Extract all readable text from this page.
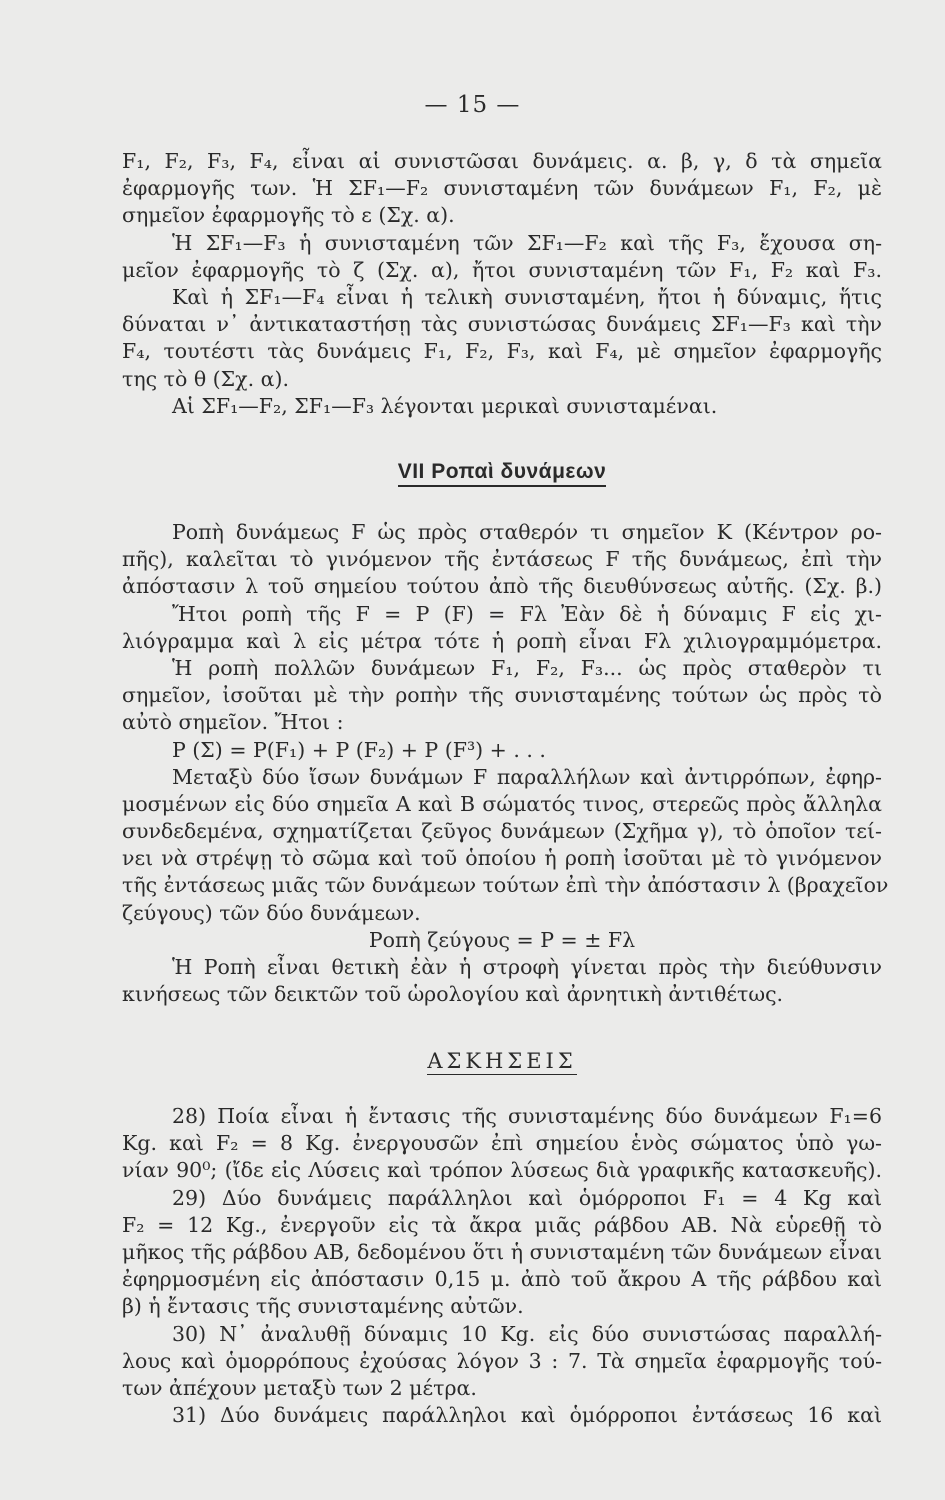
— 15 —
F₁, F₂, F₃, F₄, εἶναι αἱ συνιστῶσαι δυνάμεις. α. β, γ, δ τὰ σημεῖα
ἐφαρμογῆς των. Ἡ ΣF₁—F₂ συνισταμένη τῶν δυνάμεων F₁, F₂, μὲ
σημεῖον ἐφαρμογῆς τὸ ε (Σχ. α).
Ἡ ΣF₁—F₃ ἡ συνισταμένη τῶν ΣF₁—F₂ καὶ τῆς F₃, ἔχουσα ση-
μεῖον ἐφαρμογῆς τὸ ζ (Σχ. α), ἤτοι συνισταμένη τῶν F₁, F₂ καὶ F₃.
Καὶ ἡ ΣF₁—F₄ εἶναι ἡ τελικὴ συνισταμένη, ἤτοι ἡ δύναμις, ἥτις
δύναται ν᾽ ἀντικαταστήσῃ τὰς συνιστώσας δυνάμεις ΣF₁—F₃ καὶ τὴν
F₄, τουτέστι τὰς δυνάμεις F₁, F₂, F₃, καὶ F₄, μὲ σημεῖον ἐφαρμογῆς
της τὸ θ (Σχ. α).
Αἱ ΣF₁—F₂, ΣF₁—F₃ λέγονται μερικαὶ συνισταμέναι.
VII Ροπαὶ δυνάμεων
Ροπὴ δυνάμεως F ὡς πρὸς σταθερόν τι σημεῖον Κ (Κέντρον ρο-
πῆς), καλεῖται τὸ γινόμενον τῆς ἐντάσεως F τῆς δυνάμεως, ἐπὶ τὴν
ἀπόστασιν λ τοῦ σημείου τούτου ἀπὸ τῆς διευθύνσεως αὐτῆς. (Σχ. β.)
Ἤτοι ροπὴ τῆς F = P (F) = Fλ Ἐὰν δὲ ἡ δύναμις F εἰς χι-
λιόγραμμα καὶ λ εἰς μέτρα τότε ἡ ροπὴ εἶναι Fλ χιλιογραμμόμετρα.
Ἡ ροπὴ πολλῶν δυνάμεων F₁, F₂, F₃... ὡς πρὸς σταθερὸν τι
σημεῖον, ἰσοῦται μὲ τὴν ροπὴν τῆς συνισταμένης τούτων ὡς πρὸς τὸ
αὐτὸ σημεῖον. Ἤτοι :
P (Σ) = P(F₁) + P (F₂) + P (F³) + . . .
Μεταξὺ δύο ἴσων δυνάμων F παραλλήλων καὶ ἀντιρρόπων, ἐφηρ-
μοσμένων εἰς δύο σημεῖα Α καὶ Β σώματός τινος, στερεῶς πρὸς ἄλληλα
συνδεδεμένα, σχηματίζεται ζεῦγος δυνάμεων (Σχῆμα γ), τὸ ὁποῖον τεί-
νει νὰ στρέψῃ τὸ σῶμα καὶ τοῦ ὁποίου ἡ ροπὴ ἰσοῦται μὲ τὸ γινόμενον
τῆς ἐντάσεως μιᾶς τῶν δυνάμεων τούτων ἐπὶ τὴν ἀπόστασιν λ (βραχεῖον
ζεύγους) τῶν δύο δυνάμεων.
Ροπὴ ζεύγους = P = ± Fλ
Ἡ Ροπὴ εἶναι θετικὴ ἐὰν ἡ στροφὴ γίνεται πρὸς τὴν διεύθυνσιν
κινήσεως τῶν δεικτῶν τοῦ ὡρολογίου καὶ ἀρνητικὴ ἀντιθέτως.
ΑΣΚΗΣΕΙΣ
28) Ποία εἶναι ἡ ἔντασις τῆς συνισταμένης δύο δυνάμεων F₁=6
Kg. καὶ F₂ = 8 Kg. ἐνεργουσῶν ἐπὶ σημείου ἑνὸς σώματος ὑπὸ γω-
νίαν 90⁰; (ἴδε εἰς Λύσεις καὶ τρόπον λύσεως διὰ γραφικῆς κατασκευῆς).
29) Δύο δυνάμεις παράλληλοι καὶ ὁμόρροποι F₁ = 4 Kg καὶ
F₂ = 12 Kg., ἐνεργοῦν εἰς τὰ ἄκρα μιᾶς ράβδου ΑΒ. Νὰ εὑρεθῇ τὸ
μῆκος τῆς ράβδου ΑΒ, δεδομένου ὅτι ἡ συνισταμένη τῶν δυνάμεων εἶναι
ἐφηρμοσμένη εἰς ἀπόστασιν 0,15 μ. ἀπὸ τοῦ ἄκρου Α τῆς ράβδου καὶ
β) ἡ ἔντασις τῆς συνισταμένης αὐτῶν.
30) Ν᾽ ἀναλυθῇ δύναμις 10 Kg. εἰς δύο συνιστώσας παραλλή-
λους καὶ ὁμορρόπους ἐχούσας λόγον 3 : 7. Τὰ σημεῖα ἐφαρμογῆς τού-
των ἀπέχουν μεταξὺ των 2 μέτρα.
31) Δύο δυνάμεις παράλληλοι καὶ ὁμόρροποι ἐντάσεως 16 καὶ
